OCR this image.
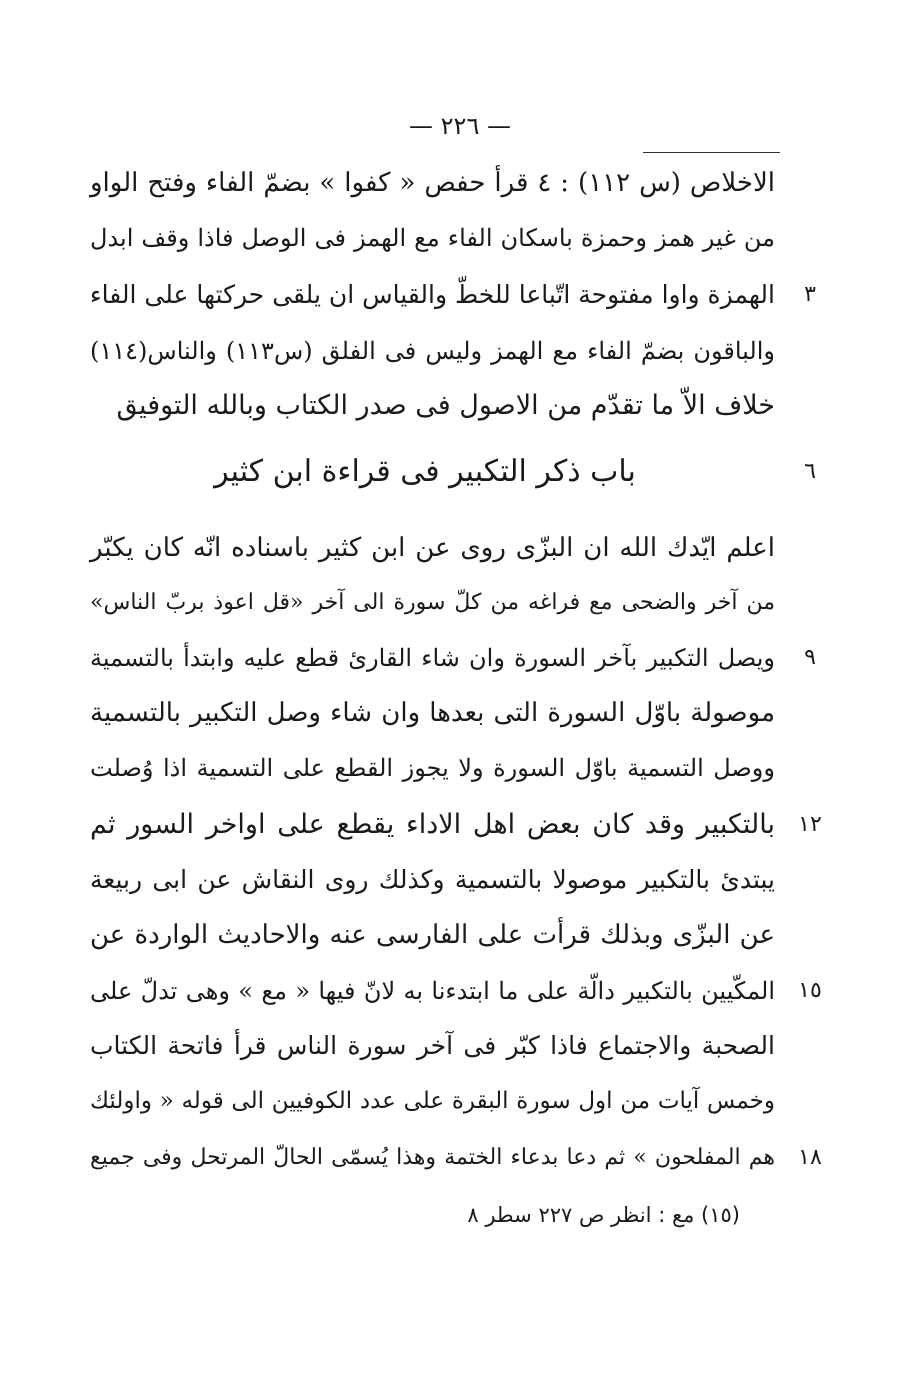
— ٢٢٦ —
الاخلاص (س ١١٢) : ٤ قرأ حفص « كفوا » بضمّ الفاء وفتح الواو
من غير همز وحمزة باسكان الفاء مع الهمز فى الوصل فاذا وقف ابدل
الهمزة واوا مفتوحة اتّباعا للخطّ والقياس ان يلقى حركتها على الفاء
والباقون بضمّ الفاء مع الهمز وليس فى الفلق (س١١٣) والناس(١١٤)
خلاف الاّ ما تقدّم من الاصول فى صدر الكتاب وبالله التوفيق
باب ذكر التكبير فى قراءة ابن كثير
اعلم ايّدك الله ان البزّى روى عن ابن كثير باسناده انّه كان يكبّر
من آخر والضحى مع فراغه من كلّ سورة الى آخر «قل اعوذ بربّ الناس»
ويصل التكبير بآخر السورة وان شاء القارئ قطع عليه وابتدأ بالتسمية
موصولة باوّل السورة التى بعدها وان شاء وصل التكبير بالتسمية
ووصل التسمية باوّل السورة ولا يجوز القطع على التسمية اذا وُصلت
بالتكبير وقد كان بعض اهل الاداء يقطع على اواخر السور ثم
يبتدئ بالتكبير موصولا بالتسمية وكذلك روى النقاش عن ابى ربيعة
عن البزّى وبذلك قرأت على الفارسى عنه والاحاديث الواردة عن
المكّيين بالتكبير دالّة على ما ابتدءنا به لانّ فيها « مع » وهى تدلّ على
الصحبة والاجتماع فاذا كبّر فى آخر سورة الناس قرأ فاتحة الكتاب
وخمس آيات من اول سورة البقرة على عدد الكوفيين الى قوله « واولئك
هم المفلحون » ثم دعا بدعاء الختمة وهذا يُسمّى الحالّ المرتحل وفى جميع
٣
٦
٩
١٢
١٥
١٨
(١٥) مع : انظر ص ٢٢٧ سطر ٨
